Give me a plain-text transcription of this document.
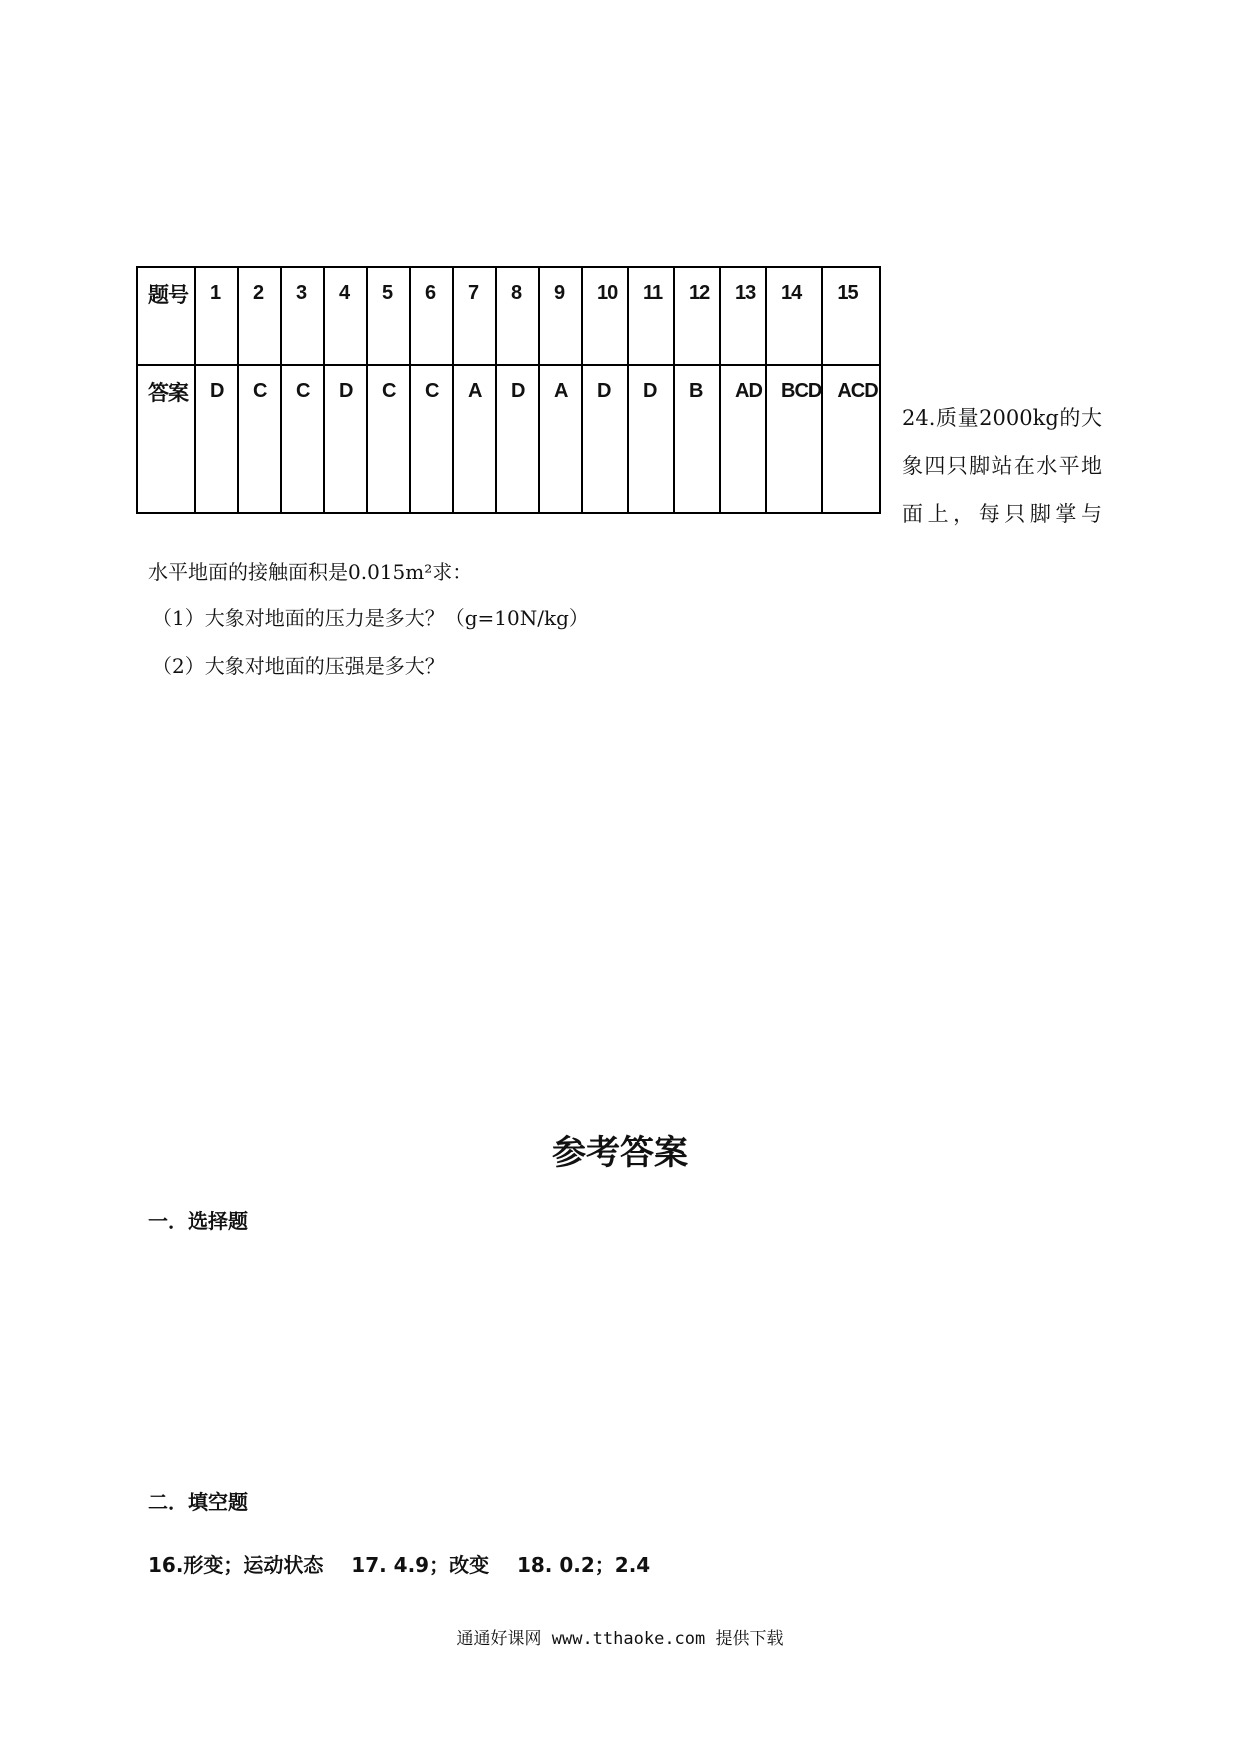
题号	1	2	3	4	5	6	7	8	9	10	11	12	13	14	15
答案	D	C	C	D	C	C	A	D	A	D	D	B	AD	BCD	ACD
24.质量2000kg的大象四只脚站在水平地面上，每只脚掌与
水平地面的接触面积是0.015m²求：
（1）大象对地面的压力是多大？（g=10N/kg）
（2）大象对地面的压强是多大？
参考答案
一．选择题
二．填空题
16.形变；运动状态    17. 4.9；改变    18. 0.2；2.4
通通好课网 www.tthaoke.com 提供下载
